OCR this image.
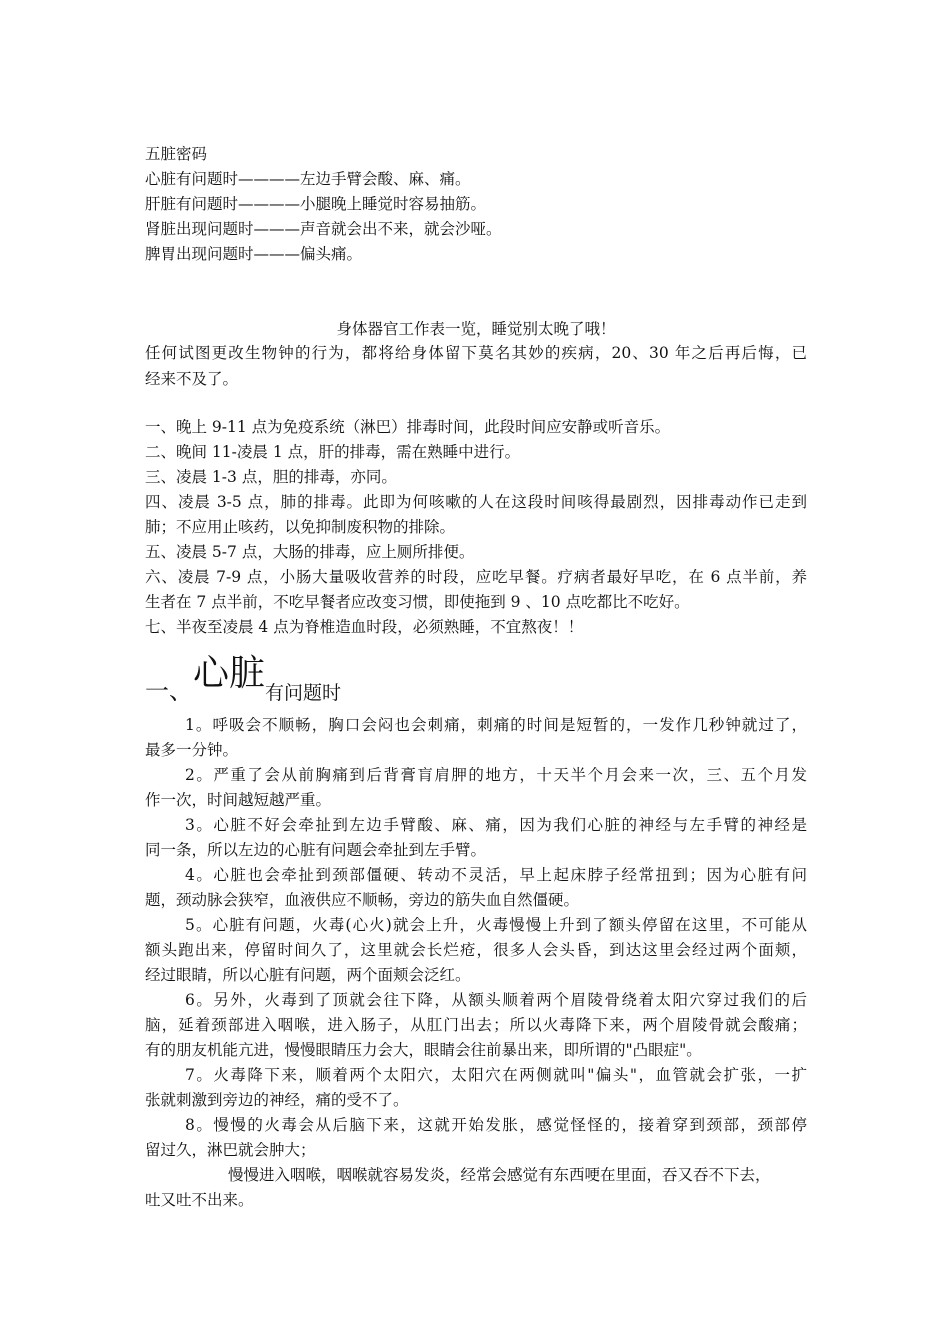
五脏密码
心脏有问题时————左边手臂会酸、麻、痛。
肝脏有问题时————小腿晚上睡觉时容易抽筋。
肾脏出现问题时———声音就会出不来，就会沙哑。
脾胃出现问题时———偏头痛。
身体器官工作表一览，睡觉别太晚了哦！
任何试图更改生物钟的行为，都将给身体留下莫名其妙的疾病，20、30 年之后再后悔，已
经来不及了。
一、晚上 9-11 点为免疫系统（淋巴）排毒时间，此段时间应安静或听音乐。
二、晚间 11-凌晨 1 点，肝的排毒，需在熟睡中进行。
三、凌晨 1-3 点，胆的排毒，亦同。
四、凌晨 3-5 点，肺的排毒。此即为何咳嗽的人在这段时间咳得最剧烈，因排毒动作已走到
肺；不应用止咳药，以免抑制废积物的排除。
五、凌晨 5-7 点，大肠的排毒，应上厕所排便。
六、凌晨 7-9 点，小肠大量吸收营养的时段，应吃早餐。疗病者最好早吃，在 6 点半前，养
生者在 7 点半前，不吃早餐者应改变习惯，即使拖到 9 、10 点吃都比不吃好。
七、半夜至凌晨 4 点为脊椎造血时段，必须熟睡，不宜熬夜！！
一、心脏有问题时
1。呼吸会不顺畅，胸口会闷也会刺痛，刺痛的时间是短暂的，一发作几秒钟就过了，
最多一分钟。
2。严重了会从前胸痛到后背膏肓肩胛的地方，十天半个月会来一次，三、五个月发
作一次，时间越短越严重。
3。心脏不好会牵扯到左边手臂酸、麻、痛，因为我们心脏的神经与左手臂的神经是
同一条，所以左边的心脏有问题会牵扯到左手臂。
4。心脏也会牵扯到颈部僵硬、转动不灵活，早上起床脖子经常扭到；因为心脏有问
题，颈动脉会狭窄，血液供应不顺畅，旁边的筋失血自然僵硬。
5。心脏有问题，火毒(心火)就会上升，火毒慢慢上升到了额头停留在这里，不可能从
额头跑出来，停留时间久了，这里就会长烂疮，很多人会头昏，到达这里会经过两个面颊，
经过眼睛，所以心脏有问题，两个面颊会泛红。
6。另外，火毒到了顶就会往下降，从额头顺着两个眉陵骨绕着太阳穴穿过我们的后
脑，延着颈部进入咽喉，进入肠子，从肛门出去；所以火毒降下来，两个眉陵骨就会酸痛；
有的朋友机能亢进，慢慢眼睛压力会大，眼睛会往前暴出来，即所谓的"凸眼症"。
7。火毒降下来，顺着两个太阳穴，太阳穴在两侧就叫"偏头"，血管就会扩张，一扩
张就刺激到旁边的神经，痛的受不了。
8。慢慢的火毒会从后脑下来，这就开始发胀，感觉怪怪的，接着穿到颈部，颈部停
留过久，淋巴就会肿大；
慢慢进入咽喉，咽喉就容易发炎，经常会感觉有东西哽在里面，吞又吞不下去，
吐又吐不出来。
